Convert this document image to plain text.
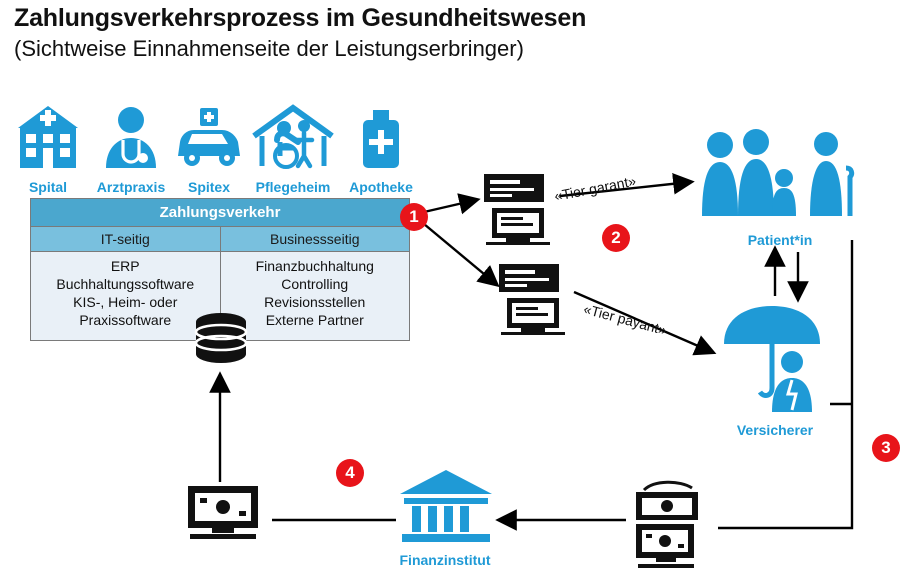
Zahlungsverkehrsprozess im Gesundheitswesen
(Sichtweise Einnahmenseite der Leistungserbringer)
Spital	Arztpraxis	Spitex	Pflegeheim	Apotheke
Zahlungsverkehr	
IT-seitig	Businessseitig

ERP
Buchhaltungssoftware
KIS-, Heim- oder
Praxissoftware

Finanzbuchhaltung
Controlling
Revisionsstellen
Externe Partner
Patient*in
Versicherer
Finanzinstitut
«Tier garant»
«Tier payant»
1
2
3
4
